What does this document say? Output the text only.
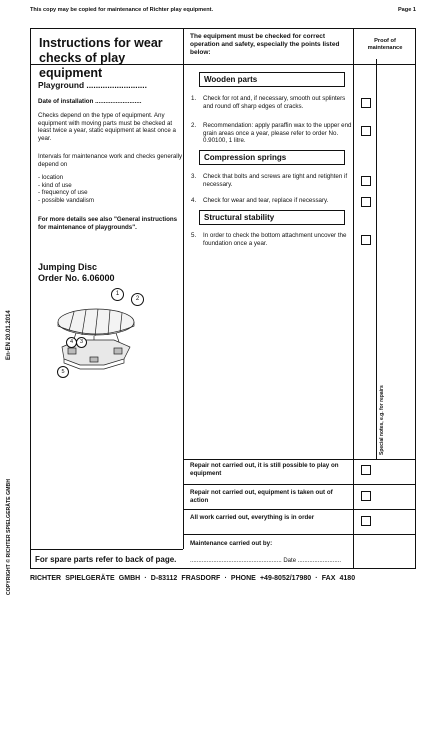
This copy may be copied for maintenance of Richter play equipment.	Page 1
En-EN 20.01.2014
COPYRIGHT © RICHTER SPIELGERÄTE GMBH
Instructions for wear checks of play equipment
Playground ..........................
Date of installation ...........................
Checks depend on the type of equipment. Any equipment with moving parts must be checked at least twice a year, static equipment at least once a year.
Intervals for maintenance work and checks generally depend on
- location
- kind of use
- frequency of use
- possible vandalism
For more details see also "General instructions for maintenance of playgrounds".
Jumping Disc
Order No. 6.06000
1
2
3
4
5
For spare parts refer to back of page.
The equipment must be checked for correct operation and safety, especially the points listed below:
Proof of maintenance
Wooden parts
1. Check for rot and, if necessary, smooth out splinters and round off sharp edges of cracks.
2. Recommendation: apply paraffin wax to the upper end grain areas once a year, please refer to order No. 0.90100, 1 litre.
Compression springs
3. Check that bolts and screws are tight and retighten if necessary.
4. Check for wear and tear, replace if necessary.
Structural stability
5. In order to check the bottom attachment uncover the foundation once a year.
Special notes, e.g. for repairs
Repair not carried out, it is still possible to play on equipment
Repair not carried out, equipment is taken out of action
All work carried out, everything is in order
Maintenance carried out by:
....................................................... Date ..........................
RICHTER SPIELGERÄTE GMBH · D-83112 FRASDORF · PHONE +49-8052/17980 · FAX 4180
